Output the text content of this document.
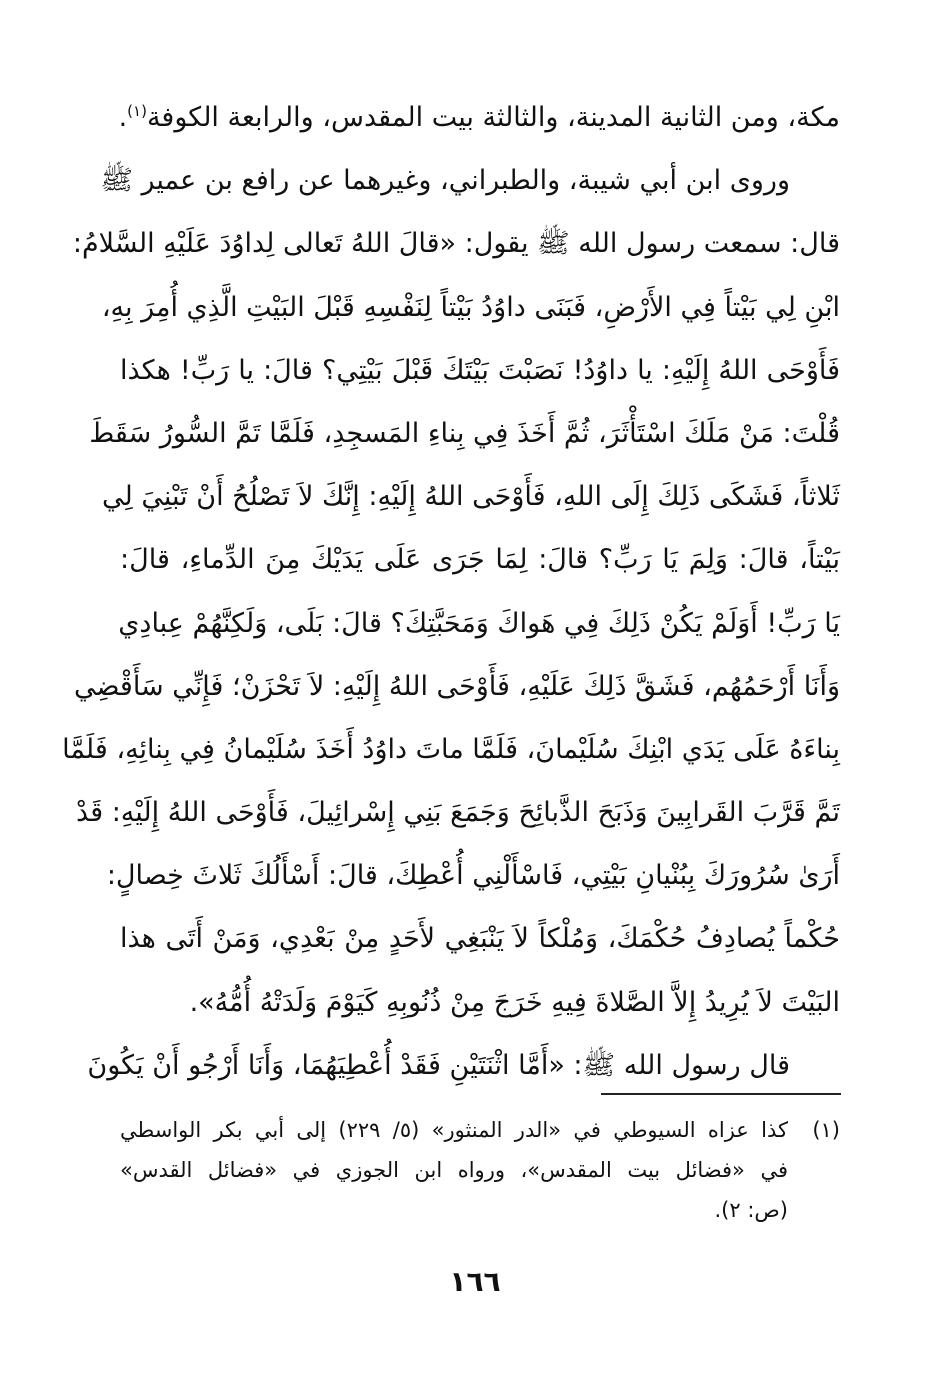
مكة، ومن الثانية المدينة، والثالثة بيت المقدس، والرابعة الكوفة$^{(١)}$.
وروى ابن أبي شيبة، والطبراني، وغيرهما عن رافع بن عمير ﷺ
قال: سمعت رسول الله ﷺ يقول: «قالَ اللهُ تَعالى لِداوُدَ عَلَيْهِ السَّلامُ:
ابْنِ لِي بَيْتاً فِي الأَرْضِ، فَبَنَى داوُدُ بَيْتاً لِنَفْسِهِ قَبْلَ البَيْتِ الَّذِي أُمِرَ بِهِ،
فَأَوْحَى اللهُ إِلَيْهِ: يا داوُدُ! نَصَبْتَ بَيْتَكَ قَبْلَ بَيْتِي؟ قالَ: يا رَبِّ! هكذا
قُلْتَ: مَنْ مَلَكَ اسْتَأْثَرَ، ثُمَّ أَخَذَ فِي بِناءِ المَسجِدِ، فَلَمَّا تَمَّ السُّورُ سَقَطَ
ثَلاثاً، فَشَكَى ذَلِكَ إِلَى اللهِ، فَأَوْحَى اللهُ إِلَيْهِ: إِنَّكَ لاَ تَصْلُحُ أَنْ تَبْنِيَ لِي
بَيْتاً، قالَ: وَلِمَ يَا رَبِّ؟ قالَ: لِمَا جَرَى عَلَى يَدَيْكَ مِنَ الدِّماءِ، قالَ:
يَا رَبِّ! أَوَلَمْ يَكُنْ ذَلِكَ فِي هَواكَ وَمَحَبَّتِكَ؟ قالَ: بَلَى، وَلَكِنَّهُمْ عِبادِي
وَأَنَا أَرْحَمُهُم، فَشَقَّ ذَلِكَ عَلَيْهِ، فَأَوْحَى اللهُ إِلَيْهِ: لاَ تَحْزَنْ؛ فَإِنِّي سَأَقْضِي
بِناءَهُ عَلَى يَدَي ابْنِكَ سُلَيْمانَ، فَلَمَّا ماتَ داوُدُ أَخَذَ سُلَيْمانُ فِي بِنائِهِ، فَلَمَّا
تَمَّ قَرَّبَ القَرابِينَ وَذَبَحَ الذَّبائِحَ وَجَمَعَ بَنِي إِسْرائِيلَ، فَأَوْحَى اللهُ إِلَيْهِ: قَدْ
أَرَىٰ سُرُورَكَ بِبُنْيانِ بَيْتِي، فَاسْأَلْنِي أُعْطِكَ، قالَ: أَسْأَلُكَ ثَلاثَ خِصالٍ:
حُكْماً يُصادِفُ حُكْمَكَ، وَمُلْكاً لاَ يَنْبَغِي لأَحَدٍ مِنْ بَعْدِي، وَمَنْ أَتَى هذا
البَيْتَ لاَ يُرِيدُ إِلاَّ الصَّلاةَ فِيهِ خَرَجَ مِنْ ذُنُوبِهِ كَيَوْمَ وَلَدَتْهُ أُمُّهُ».
قال رسول الله ﷺ: «أَمَّا اثْنَتَيْنِ فَقَدْ أُعْطِيَهُمَا، وَأَنَا أَرْجُو أَنْ يَكُونَ
(١)كذا عزاه السيوطي في «الدر المنثور» (٥/ ٢٢٩) إلى أبي بكر الواسطي
في «فضائل بيت المقدس»، ورواه ابن الجوزي في «فضائل القدس»
(ص: ٢).
١٦٦
